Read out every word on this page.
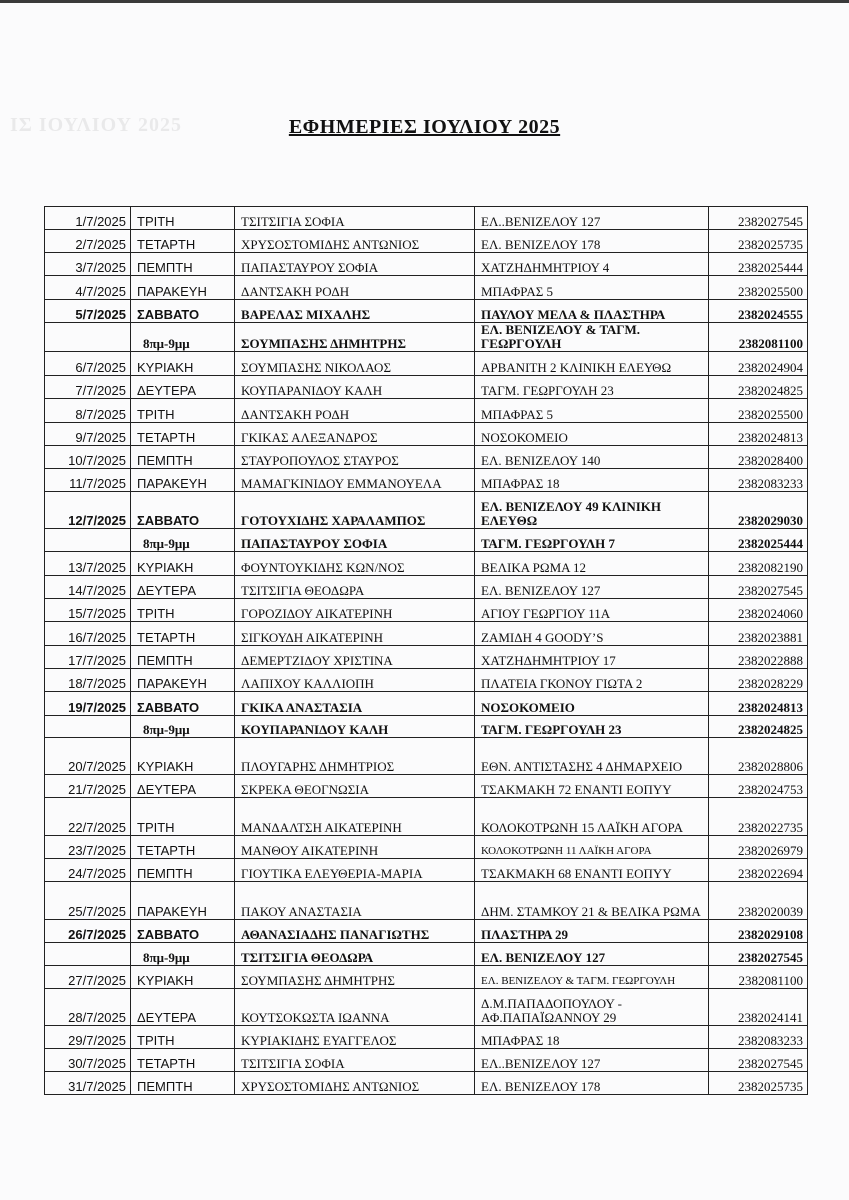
ΙΣ ΙΟΥΛΙΟΥ 2025	ΕΦΗΜΕΡΙΕΣ ΙΟΥΛΙΟΥ 2025
1/7/2025	ΤΡΙΤΗ	ΤΣΙΤΣΙΓΙΑ ΣΟΦΙΑ	ΕΛ..ΒΕΝΙΖΕΛΟΥ 127	2382027545
2/7/2025	ΤΕΤΑΡΤΗ	ΧΡΥΣΟΣΤΟΜΙΔΗΣ ΑΝΤΩΝΙΟΣ	ΕΛ. ΒΕΝΙΖΕΛΟΥ 178	2382025735
3/7/2025	ΠΕΜΠΤΗ	ΠΑΠΑΣΤΑΥΡΟΥ ΣΟΦΙΑ	ΧΑΤΖΗΔΗΜΗΤΡΙΟΥ 4	2382025444
4/7/2025	ΠΑΡΑΚΕΥΗ	ΔΑΝΤΣΑΚΗ ΡΟΔΗ	ΜΠΑΦΡΑΣ 5	2382025500
5/7/2025	ΣΑΒΒΑΤΟ	ΒΑΡΕΛΑΣ ΜΙΧΑΛΗΣ	ΠΑΥΛΟΥ ΜΕΛΑ & ΠΛΑΣΤΗΡΑ	2382024555
	8πμ-9μμ	ΣΟΥΜΠΑΣΗΣ ΔΗΜΗΤΡΗΣ	ΕΛ. ΒΕΝΙΖΕΛΟΥ & ΤΑΓΜ. ΓΕΩΡΓΟΥΛΗ	2382081100
6/7/2025	ΚΥΡΙΑΚΗ	ΣΟΥΜΠΑΣΗΣ ΝΙΚΟΛΑΟΣ	ΑΡΒΑΝΙΤΗ 2 ΚΛΙΝΙΚΗ ΕΛΕΥΘΩ	2382024904
7/7/2025	ΔΕΥΤΕΡΑ	ΚΟΥΠΑΡΑΝΙΔΟΥ ΚΑΛΗ	ΤΑΓΜ. ΓΕΩΡΓΟΥΛΗ 23	2382024825
8/7/2025	ΤΡΙΤΗ	ΔΑΝΤΣΑΚΗ ΡΟΔΗ	ΜΠΑΦΡΑΣ 5	2382025500
9/7/2025	ΤΕΤΑΡΤΗ	ΓΚΙΚΑΣ ΑΛΕΞΑΝΔΡΟΣ	ΝΟΣΟΚΟΜΕΙΟ	2382024813
10/7/2025	ΠΕΜΠΤΗ	ΣΤΑΥΡΟΠΟΥΛΟΣ ΣΤΑΥΡΟΣ	ΕΛ. ΒΕΝΙΖΕΛΟΥ 140	2382028400
11/7/2025	ΠΑΡΑΚΕΥΗ	ΜΑΜΑΓΚΙΝΙΔΟΥ ΕΜΜΑΝΟΥΕΛΑ	ΜΠΑΦΡΑΣ 18	2382083233
12/7/2025	ΣΑΒΒΑΤΟ	ΓΟΤΟΥΧΙΔΗΣ ΧΑΡΑΛΑΜΠΟΣ	ΕΛ. ΒΕΝΙΖΕΛΟΥ 49 ΚΛΙΝΙΚΗ ΕΛΕΥΘΩ	2382029030
	8πμ-9μμ	ΠΑΠΑΣΤΑΥΡΟΥ ΣΟΦΙΑ	ΤΑΓΜ. ΓΕΩΡΓΟΥΛΗ 7	2382025444
13/7/2025	ΚΥΡΙΑΚΗ	ΦΟΥΝΤΟΥΚΙΔΗΣ ΚΩΝ/ΝΟΣ	ΒΕΛΙΚΑ ΡΩΜΑ 12	2382082190
14/7/2025	ΔΕΥΤΕΡΑ	ΤΣΙΤΣΙΓΙΑ ΘΕΟΔΩΡΑ	ΕΛ. ΒΕΝΙΖΕΛΟΥ 127	2382027545
15/7/2025	ΤΡΙΤΗ	ΓΟΡΟΖΙΔΟΥ ΑΙΚΑΤΕΡΙΝΗ	ΑΓΙΟΥ ΓΕΩΡΓΙΟΥ 11Α	2382024060
16/7/2025	ΤΕΤΑΡΤΗ	ΣΙΓΚΟΥΔΗ ΑΙΚΑΤΕΡΙΝΗ	ΖΑΜΙΔΗ 4 GOODY’S	2382023881
17/7/2025	ΠΕΜΠΤΗ	ΔΕΜΕΡΤΖΙΔΟΥ ΧΡΙΣΤΙΝΑ	ΧΑΤΖΗΔΗΜΗΤΡΙΟΥ 17	2382022888
18/7/2025	ΠΑΡΑΚΕΥΗ	ΛΑΠΙΧΟΥ ΚΑΛΛΙΟΠΗ	ΠΛΑΤΕΙΑ ΓΚΟΝΟΥ ΓΙΩΤΑ 2	2382028229
19/7/2025	ΣΑΒΒΑΤΟ	ΓΚΙΚΑ ΑΝΑΣΤΑΣΙΑ	ΝΟΣΟΚΟΜΕΙΟ	2382024813
	8πμ-9μμ	ΚΟΥΠΑΡΑΝΙΔΟΥ ΚΑΛΗ	ΤΑΓΜ. ΓΕΩΡΓΟΥΛΗ 23	2382024825
20/7/2025	ΚΥΡΙΑΚΗ	ΠΛΟΥΓΑΡΗΣ ΔΗΜΗΤΡΙΟΣ	ΕΘΝ. ΑΝΤΙΣΤΑΣΗΣ 4 ΔΗΜΑΡΧΕΙΟ	2382028806
21/7/2025	ΔΕΥΤΕΡΑ	ΣΚΡΕΚΑ ΘΕΟΓΝΩΣΙΑ	ΤΣΑΚΜΑΚΗ 72 ΕΝΑΝΤΙ ΕΟΠΥΥ	2382024753
22/7/2025	ΤΡΙΤΗ	ΜΑΝΔΑΛΤΣΗ ΑΙΚΑΤΕΡΙΝΗ	ΚΟΛΟΚΟΤΡΩΝΗ 15 ΛΑΪΚΗ ΑΓΟΡΑ	2382022735
23/7/2025	ΤΕΤΑΡΤΗ	ΜΑΝΘΟΥ ΑΙΚΑΤΕΡΙΝΗ	ΚΟΛΟΚΟΤΡΩΝΗ 11 ΛΑΪΚΗ ΑΓΟΡΑ	2382026979
24/7/2025	ΠΕΜΠΤΗ	ΓΙΟΥΤΙΚΑ ΕΛΕΥΘΕΡΙΑ-ΜΑΡΙΑ	ΤΣΑΚΜΑΚΗ 68 ΕΝΑΝΤΙ ΕΟΠΥΥ	2382022694
25/7/2025	ΠΑΡΑΚΕΥΗ	ΠΑΚΟΥ ΑΝΑΣΤΑΣΙΑ	ΔΗΜ. ΣΤΑΜΚΟΥ 21 & ΒΕΛΙΚΑ ΡΩΜΑ	2382020039
26/7/2025	ΣΑΒΒΑΤΟ	ΑΘΑΝΑΣΙΑΔΗΣ ΠΑΝΑΓΙΩΤΗΣ	ΠΛΑΣΤΗΡΑ 29	2382029108
	8πμ-9μμ	ΤΣΙΤΣΙΓΙΑ ΘΕΟΔΩΡΑ	ΕΛ. ΒΕΝΙΖΕΛΟΥ 127	2382027545
27/7/2025	ΚΥΡΙΑΚΗ	ΣΟΥΜΠΑΣΗΣ ΔΗΜΗΤΡΗΣ	ΕΛ. ΒΕΝΙΖΕΛΟΥ & ΤΑΓΜ. ΓΕΩΡΓΟΥΛΗ	2382081100
28/7/2025	ΔΕΥΤΕΡΑ	ΚΟΥΤΣΟΚΩΣΤΑ ΙΩΑΝΝΑ	Δ.Μ.ΠΑΠΑΔΟΠΟΥΛΟΥ - ΑΦ.ΠΑΠΑΪΩΑΝΝΟΥ 29	2382024141
29/7/2025	ΤΡΙΤΗ	ΚΥΡΙΑΚΙΔΗΣ ΕΥΑΓΓΕΛΟΣ	ΜΠΑΦΡΑΣ 18	2382083233
30/7/2025	ΤΕΤΑΡΤΗ	ΤΣΙΤΣΙΓΙΑ ΣΟΦΙΑ	ΕΛ..ΒΕΝΙΖΕΛΟΥ 127	2382027545
31/7/2025	ΠΕΜΠΤΗ	ΧΡΥΣΟΣΤΟΜΙΔΗΣ ΑΝΤΩΝΙΟΣ	ΕΛ. ΒΕΝΙΖΕΛΟΥ 178	2382025735
